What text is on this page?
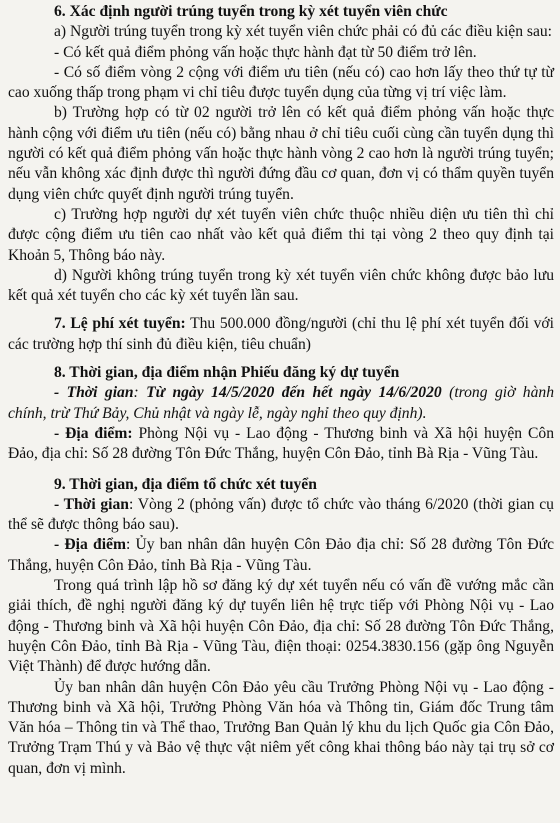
6. Xác định người trúng tuyển trong kỳ xét tuyển viên chức

a) Người trúng tuyển trong kỳ xét tuyển viên chức phải có đủ các điều kiện sau:

- Có kết quả điểm phỏng vấn hoặc thực hành đạt từ 50 điểm trở lên.

- Có số điểm vòng 2 cộng với điểm ưu tiên (nếu có) cao hơn lấy theo thứ tự từ cao xuống thấp trong phạm vi chỉ tiêu được tuyển dụng của từng vị trí việc làm.

b) Trường hợp có từ 02 người trở lên có kết quả điểm phỏng vấn hoặc thực hành cộng với điểm ưu tiên (nếu có) bằng nhau ở chỉ tiêu cuối cùng cần tuyển dụng thì người có kết quả điểm phỏng vấn hoặc thực hành vòng 2 cao hơn là người trúng tuyển; nếu vẫn không xác định được thì người đứng đầu cơ quan, đơn vị có thẩm quyền tuyển dụng viên chức quyết định người trúng tuyển.

c) Trường hợp người dự xét tuyển viên chức thuộc nhiều diện ưu tiên thì chỉ được cộng điểm ưu tiên cao nhất vào kết quả điểm thi tại vòng 2 theo quy định tại Khoản 5, Thông báo này.

d) Người không trúng tuyển trong kỳ xét tuyển viên chức không được bảo lưu kết quả xét tuyển cho các kỳ xét tuyển lần sau.

7. Lệ phí xét tuyển: Thu 500.000 đồng/người (chỉ thu lệ phí xét tuyển đối với các trường hợp thí sinh đủ điều kiện, tiêu chuẩn)

8. Thời gian, địa điểm nhận Phiếu đăng ký dự tuyển

- Thời gian: Từ ngày 14/5/2020 đến hết ngày 14/6/2020 (trong giờ hành chính, trừ Thứ Bảy, Chủ nhật và ngày lễ, ngày nghỉ theo quy định).

- Địa điểm: Phòng Nội vụ - Lao động - Thương binh và Xã hội huyện Côn Đảo, địa chỉ: Số 28 đường Tôn Đức Thắng, huyện Côn Đảo, tỉnh Bà Rịa - Vũng Tàu.

9. Thời gian, địa điểm tổ chức xét tuyển

- Thời gian: Vòng 2 (phỏng vấn) được tổ chức vào tháng 6/2020 (thời gian cụ thể sẽ được thông báo sau).

- Địa điểm: Ủy ban nhân dân huyện Côn Đảo địa chỉ: Số 28 đường Tôn Đức Thắng, huyện Côn Đảo, tỉnh Bà Rịa - Vũng Tàu.

Trong quá trình lập hồ sơ đăng ký dự xét tuyển nếu có vấn đề vướng mắc cần giải thích, đề nghị người đăng ký dự tuyển liên hệ trực tiếp với Phòng Nội vụ - Lao động - Thương binh và Xã hội huyện Côn Đảo, địa chỉ: Số 28 đường Tôn Đức Thắng, huyện Côn Đảo, tỉnh Bà Rịa - Vũng Tàu, điện thoại: 0254.3830.156 (gặp ông Nguyễn Việt Thành) để được hướng dẫn.

Ủy ban nhân dân huyện Côn Đảo yêu cầu Trưởng Phòng Nội vụ - Lao động - Thương binh và Xã hội, Trưởng Phòng Văn hóa và Thông tin, Giám đốc Trung tâm Văn hóa – Thông tin và Thể thao, Trưởng Ban Quản lý khu du lịch Quốc gia Côn Đảo, Trưởng Trạm Thú y và Bảo vệ thực vật niêm yết công khai thông báo này tại trụ sở cơ quan, đơn vị mình.
